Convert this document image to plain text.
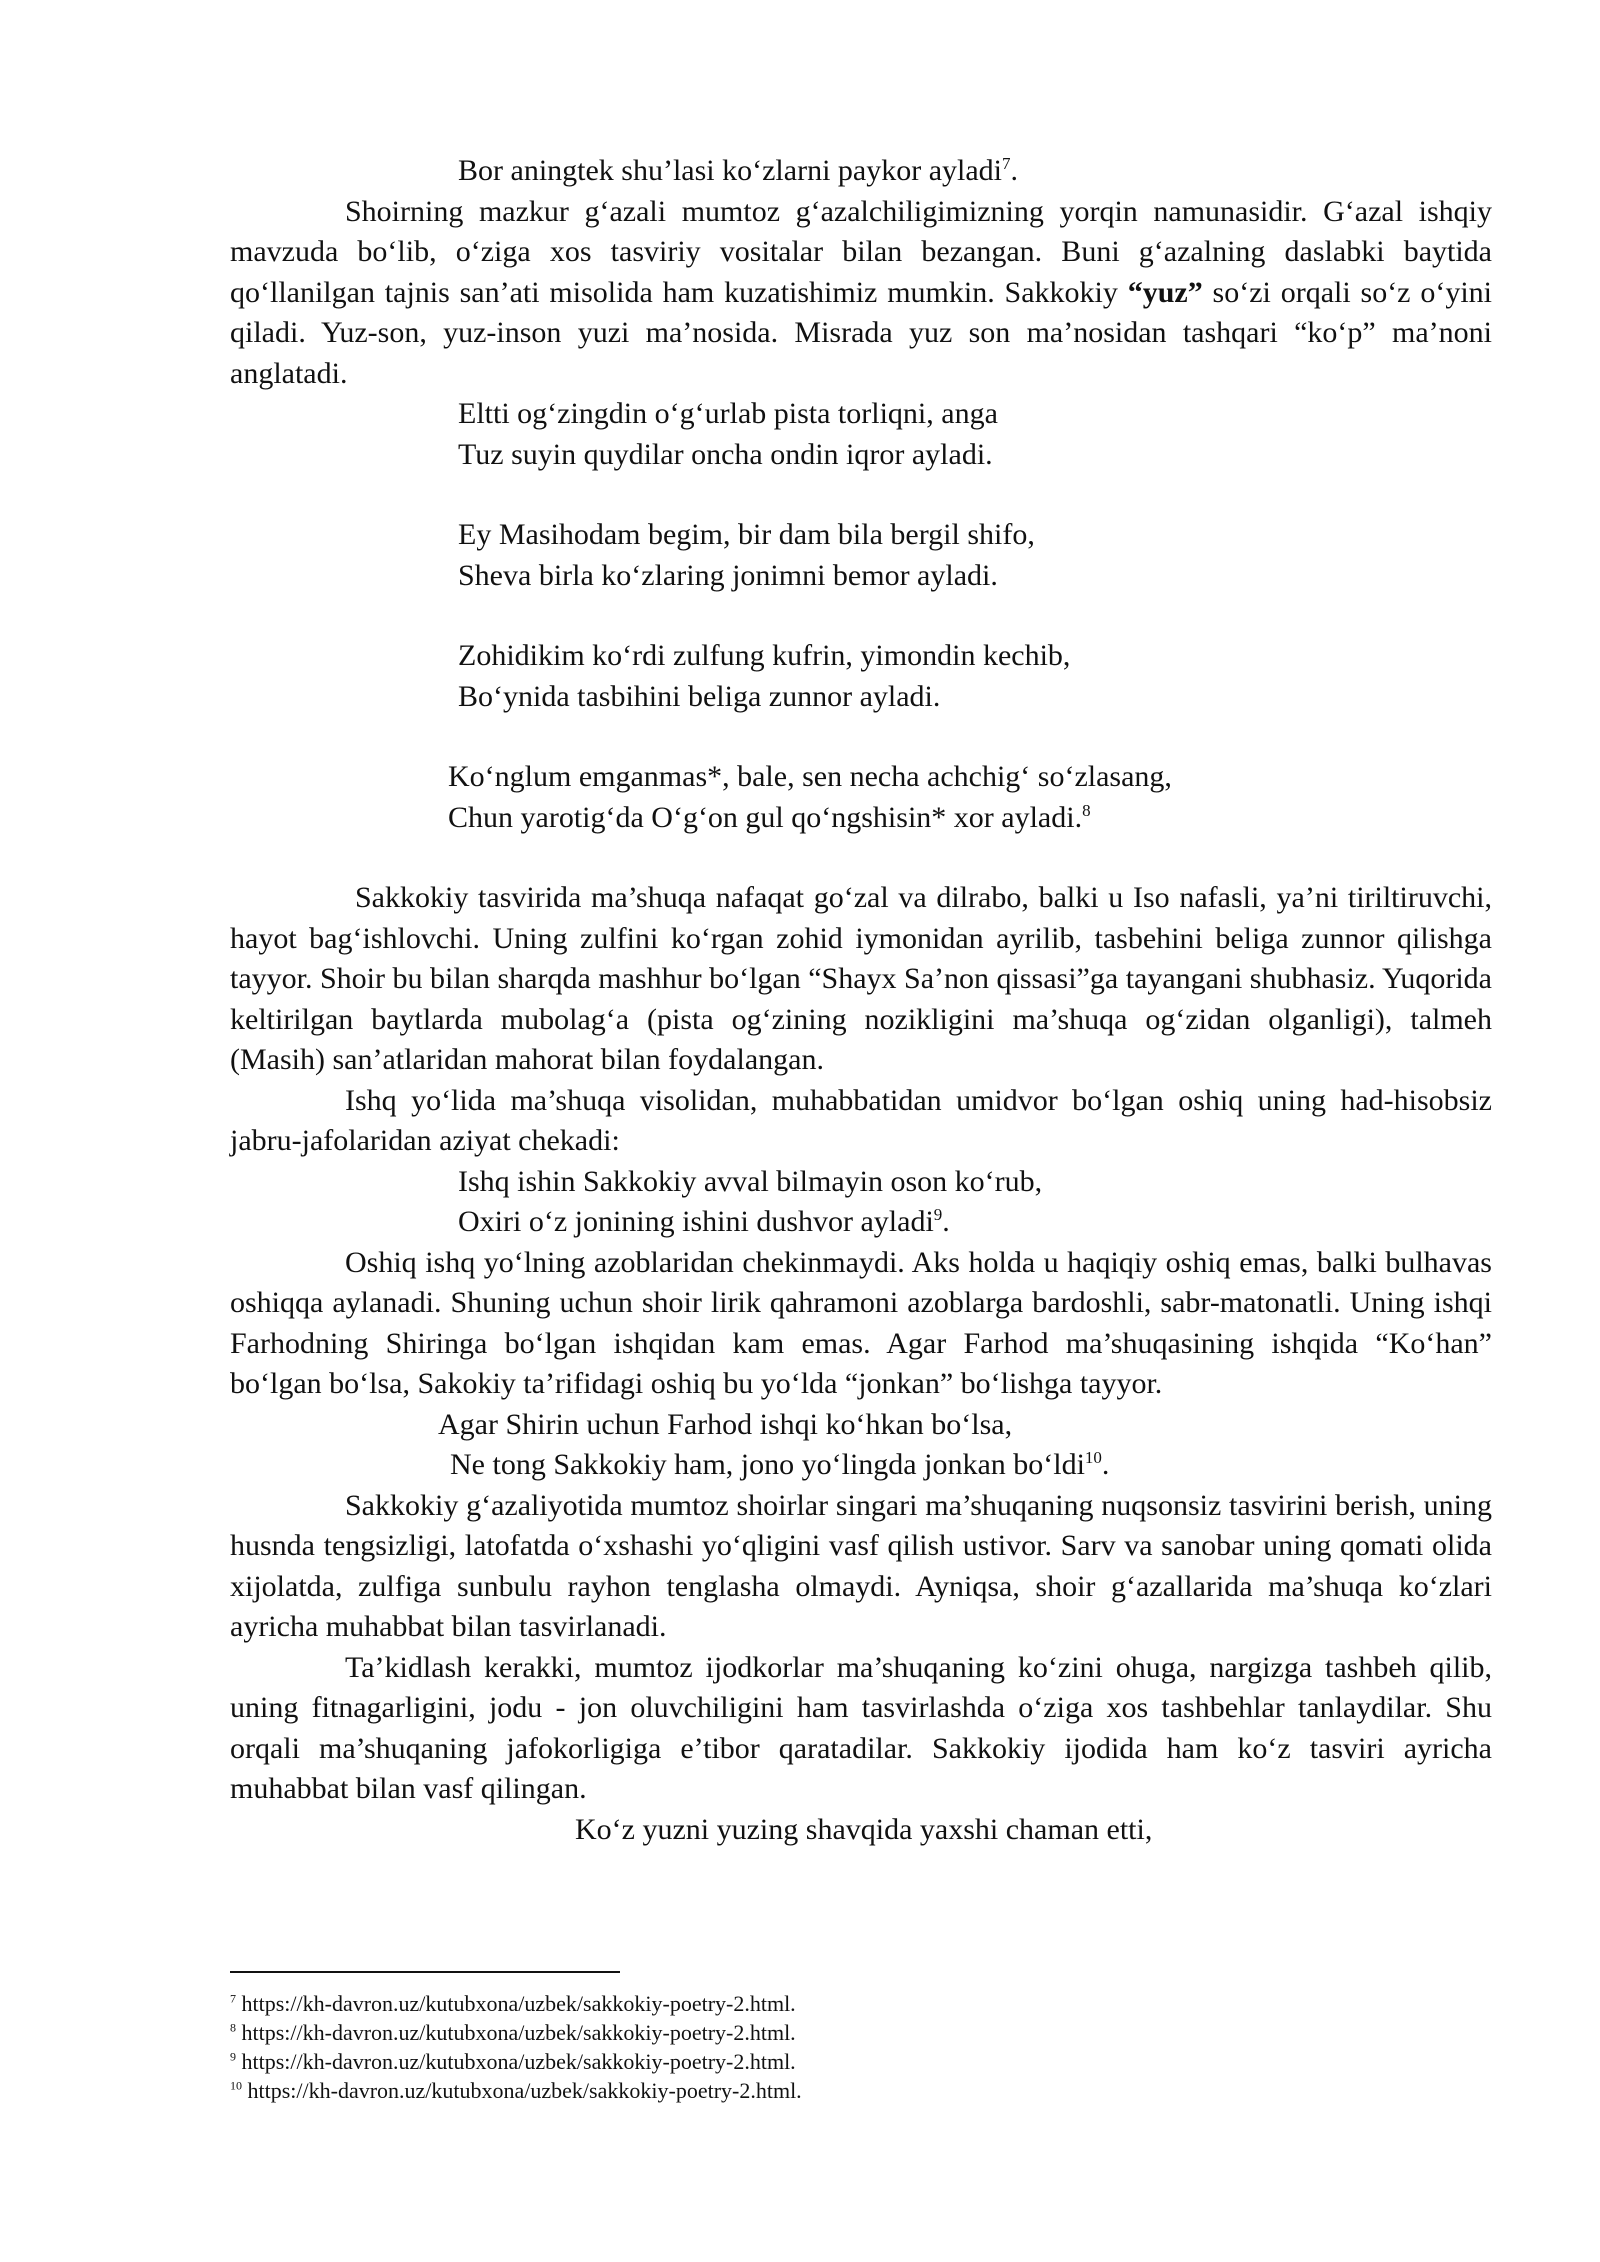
Bor aningtek shu’lasi ko‘zlarni paykor ayladi$^7$.

Shoirning mazkur g‘azali mumtoz g‘azalchiligimizning yorqin namunasidir. G‘azal ishqiy mavzuda bo‘lib, o‘ziga xos tasviriy vositalar bilan bezangan. Buni g‘azalning daslabki baytida qo‘llanilgan tajnis san’ati misolida ham kuzatishimiz mumkin. Sakkokiy “yuz” so‘zi orqali so‘z o‘yini qiladi. Yuz-son, yuz-inson yuzi ma’nosida. Misrada yuz son ma’nosidan tashqari “ko‘p” ma’noni anglatadi.

Eltti og‘zingdin o‘g‘urlab pista torliqni, anga

Tuz suyin quydilar oncha ondin iqror ayladi.

Ey Masihodam begim, bir dam bila bergil shifo,

Sheva birla ko‘zlaring jonimni bemor ayladi.

Zohidikim ko‘rdi zulfung kufrin, yimondin kechib,

Bo‘ynida tasbihini beliga zunnor ayladi.

Ko‘nglum emganmas*, bale, sen necha achchig‘ so‘zlasang,

Chun yarotig‘da O‘g‘on gul qo‘ngshisin* xor ayladi.$^8$

Sakkokiy tasvirida ma’shuqa nafaqat go‘zal va dilrabo, balki u Iso nafasli, ya’ni tiriltiruvchi, hayot bag‘ishlovchi. Uning zulfini ko‘rgan zohid iymonidan ayrilib, tasbehini beliga zunnor qilishga tayyor. Shoir bu bilan sharqda mashhur bo‘lgan “Shayx Sa’non qissasi”ga tayangani shubhasiz. Yuqorida keltirilgan baytlarda mubolag‘a (pista og‘zining nozikligini ma’shuqa og‘zidan olganligi), talmeh (Masih) san’atlaridan mahorat bilan foydalangan.

Ishq yo‘lida ma’shuqa visolidan, muhabbatidan umidvor bo‘lgan oshiq uning had-hisobsiz jabru-jafolaridan aziyat chekadi:

Ishq ishin Sakkokiy avval bilmayin oson ko‘rub,

Oxiri o‘z jonining ishini dushvor ayladi$^9$.

Oshiq ishq yo‘lning azoblaridan chekinmaydi. Aks holda u haqiqiy oshiq emas, balki bulhavas oshiqqa aylanadi. Shuning uchun shoir lirik qahramoni azoblarga bardoshli, sabr-matonatli. Uning ishqi Farhodning Shiringa bo‘lgan ishqidan kam emas. Agar Farhod ma’shuqasining ishqida “Ko‘han” bo‘lgan bo‘lsa, Sakokiy ta’rifidagi oshiq bu yo‘lda “jonkan” bo‘lishga tayyor.

Agar Shirin uchun Farhod ishqi ko‘hkan bo‘lsa,

Ne tong Sakkokiy ham, jono yo‘lingda jonkan bo‘ldi$^{10}$.

Sakkokiy g‘azaliyotida mumtoz shoirlar singari ma’shuqaning nuqsonsiz tasvirini berish, uning husnda tengsizligi, latofatda o‘xshashi yo‘qligini vasf qilish ustivor. Sarv va sanobar uning qomati olida xijolatda, zulfiga sunbulu rayhon tenglasha olmaydi. Ayniqsa, shoir g‘azallarida ma’shuqa ko‘zlari ayricha muhabbat bilan tasvirlanadi.

Ta’kidlash kerakki, mumtoz ijodkorlar ma’shuqaning ko‘zini ohuga, nargizga tashbeh qilib, uning fitnagarligini, jodu - jon oluvchiligini ham tasvirlashda o‘ziga xos tashbehlar tanlaydilar. Shu orqali ma’shuqaning jafokorligiga e’tibor qaratadilar. Sakkokiy ijodida ham ko‘z tasviri ayricha muhabbat bilan vasf qilingan.

Ko‘z yuzni yuzing shavqida yaxshi chaman etti,

$^7$ https://kh-davron.uz/kutubxona/uzbek/sakkokiy-poetry-2.html.

$^8$ https://kh-davron.uz/kutubxona/uzbek/sakkokiy-poetry-2.html.

$^9$ https://kh-davron.uz/kutubxona/uzbek/sakkokiy-poetry-2.html.

$^{10}$ https://kh-davron.uz/kutubxona/uzbek/sakkokiy-poetry-2.html.
